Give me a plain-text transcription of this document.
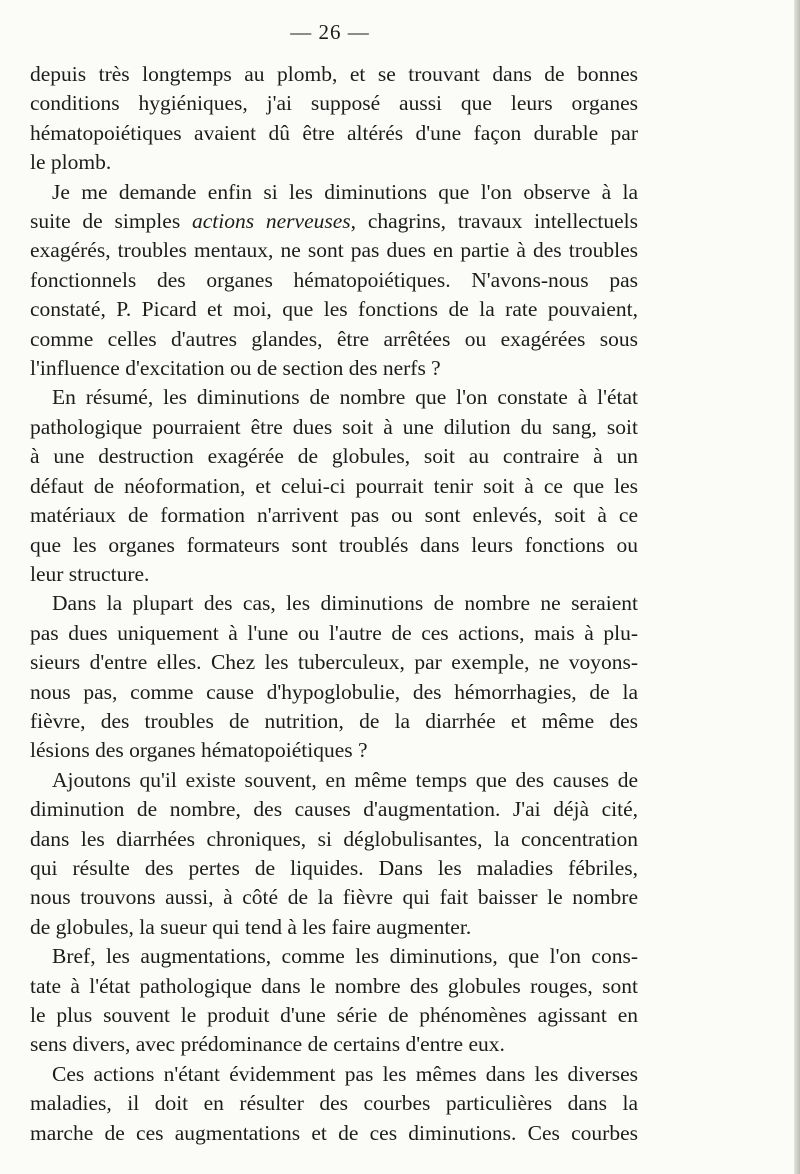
— 26 —

depuis très longtemps au plomb, et se trouvant dans de bonnes
conditions hygiéniques, j'ai supposé aussi que leurs organes
hématopoiétiques avaient dû être altérés d'une façon durable par
le plomb.

Je me demande enfin si les diminutions que l'on observe à la
suite de simples actions nerveuses, chagrins, travaux intellectuels
exagérés, troubles mentaux, ne sont pas dues en partie à des troubles
fonctionnels des organes hématopoiétiques. N'avons-nous pas
constaté, P. Picard et moi, que les fonctions de la rate pouvaient,
comme celles d'autres glandes, être arrêtées ou exagérées sous
l'influence d'excitation ou de section des nerfs ?

En résumé, les diminutions de nombre que l'on constate à l'état
pathologique pourraient être dues soit à une dilution du sang, soit
à une destruction exagérée de globules, soit au contraire à un
défaut de néoformation, et celui-ci pourrait tenir soit à ce que les
matériaux de formation n'arrivent pas ou sont enlevés, soit à ce
que les organes formateurs sont troublés dans leurs fonctions ou
leur structure.

Dans la plupart des cas, les diminutions de nombre ne seraient
pas dues uniquement à l'une ou l'autre de ces actions, mais à plu-
sieurs d'entre elles. Chez les tuberculeux, par exemple, ne voyons-
nous pas, comme cause d'hypoglobulie, des hémorrhagies, de la
fièvre, des troubles de nutrition, de la diarrhée et même des
lésions des organes hématopoiétiques ?

Ajoutons qu'il existe souvent, en même temps que des causes de
diminution de nombre, des causes d'augmentation. J'ai déjà cité,
dans les diarrhées chroniques, si déglobulisantes, la concentration
qui résulte des pertes de liquides. Dans les maladies fébriles,
nous trouvons aussi, à côté de la fièvre qui fait baisser le nombre
de globules, la sueur qui tend à les faire augmenter.

Bref, les augmentations, comme les diminutions, que l'on cons-
tate à l'état pathologique dans le nombre des globules rouges, sont
le plus souvent le produit d'une série de phénomènes agissant en
sens divers, avec prédominance de certains d'entre eux.

Ces actions n'étant évidemment pas les mêmes dans les diverses
maladies, il doit en résulter des courbes particulières dans la
marche de ces augmentations et de ces diminutions. Ces courbes
